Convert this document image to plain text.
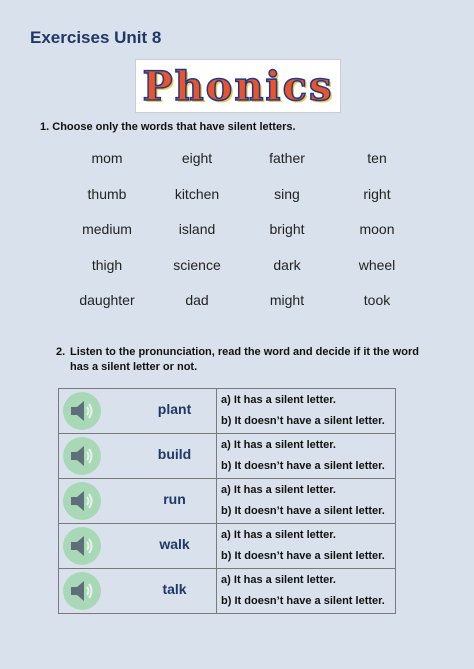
Exercises Unit 8
Phonics
1. Choose only the words that have silent letters.
mom	eight	father	ten
thumb	kitchen	sing	right
medium	island	bright	moon
thigh	science	dark	wheel
daughter	dad	might	took
2. Listen to the pronunciation, read the word and decide if it the word
has a silent letter or not.
plant	a) It has a silent letter.
b) It doesn’t have a silent letter.

build	a) It has a silent letter.
b) It doesn’t have a silent letter.

run	a) It has a silent letter.
b) It doesn’t have a silent letter.

walk	a) It has a silent letter.
b) It doesn’t have a silent letter.

talk	a) It has a silent letter.
b) It doesn’t have a silent letter.
